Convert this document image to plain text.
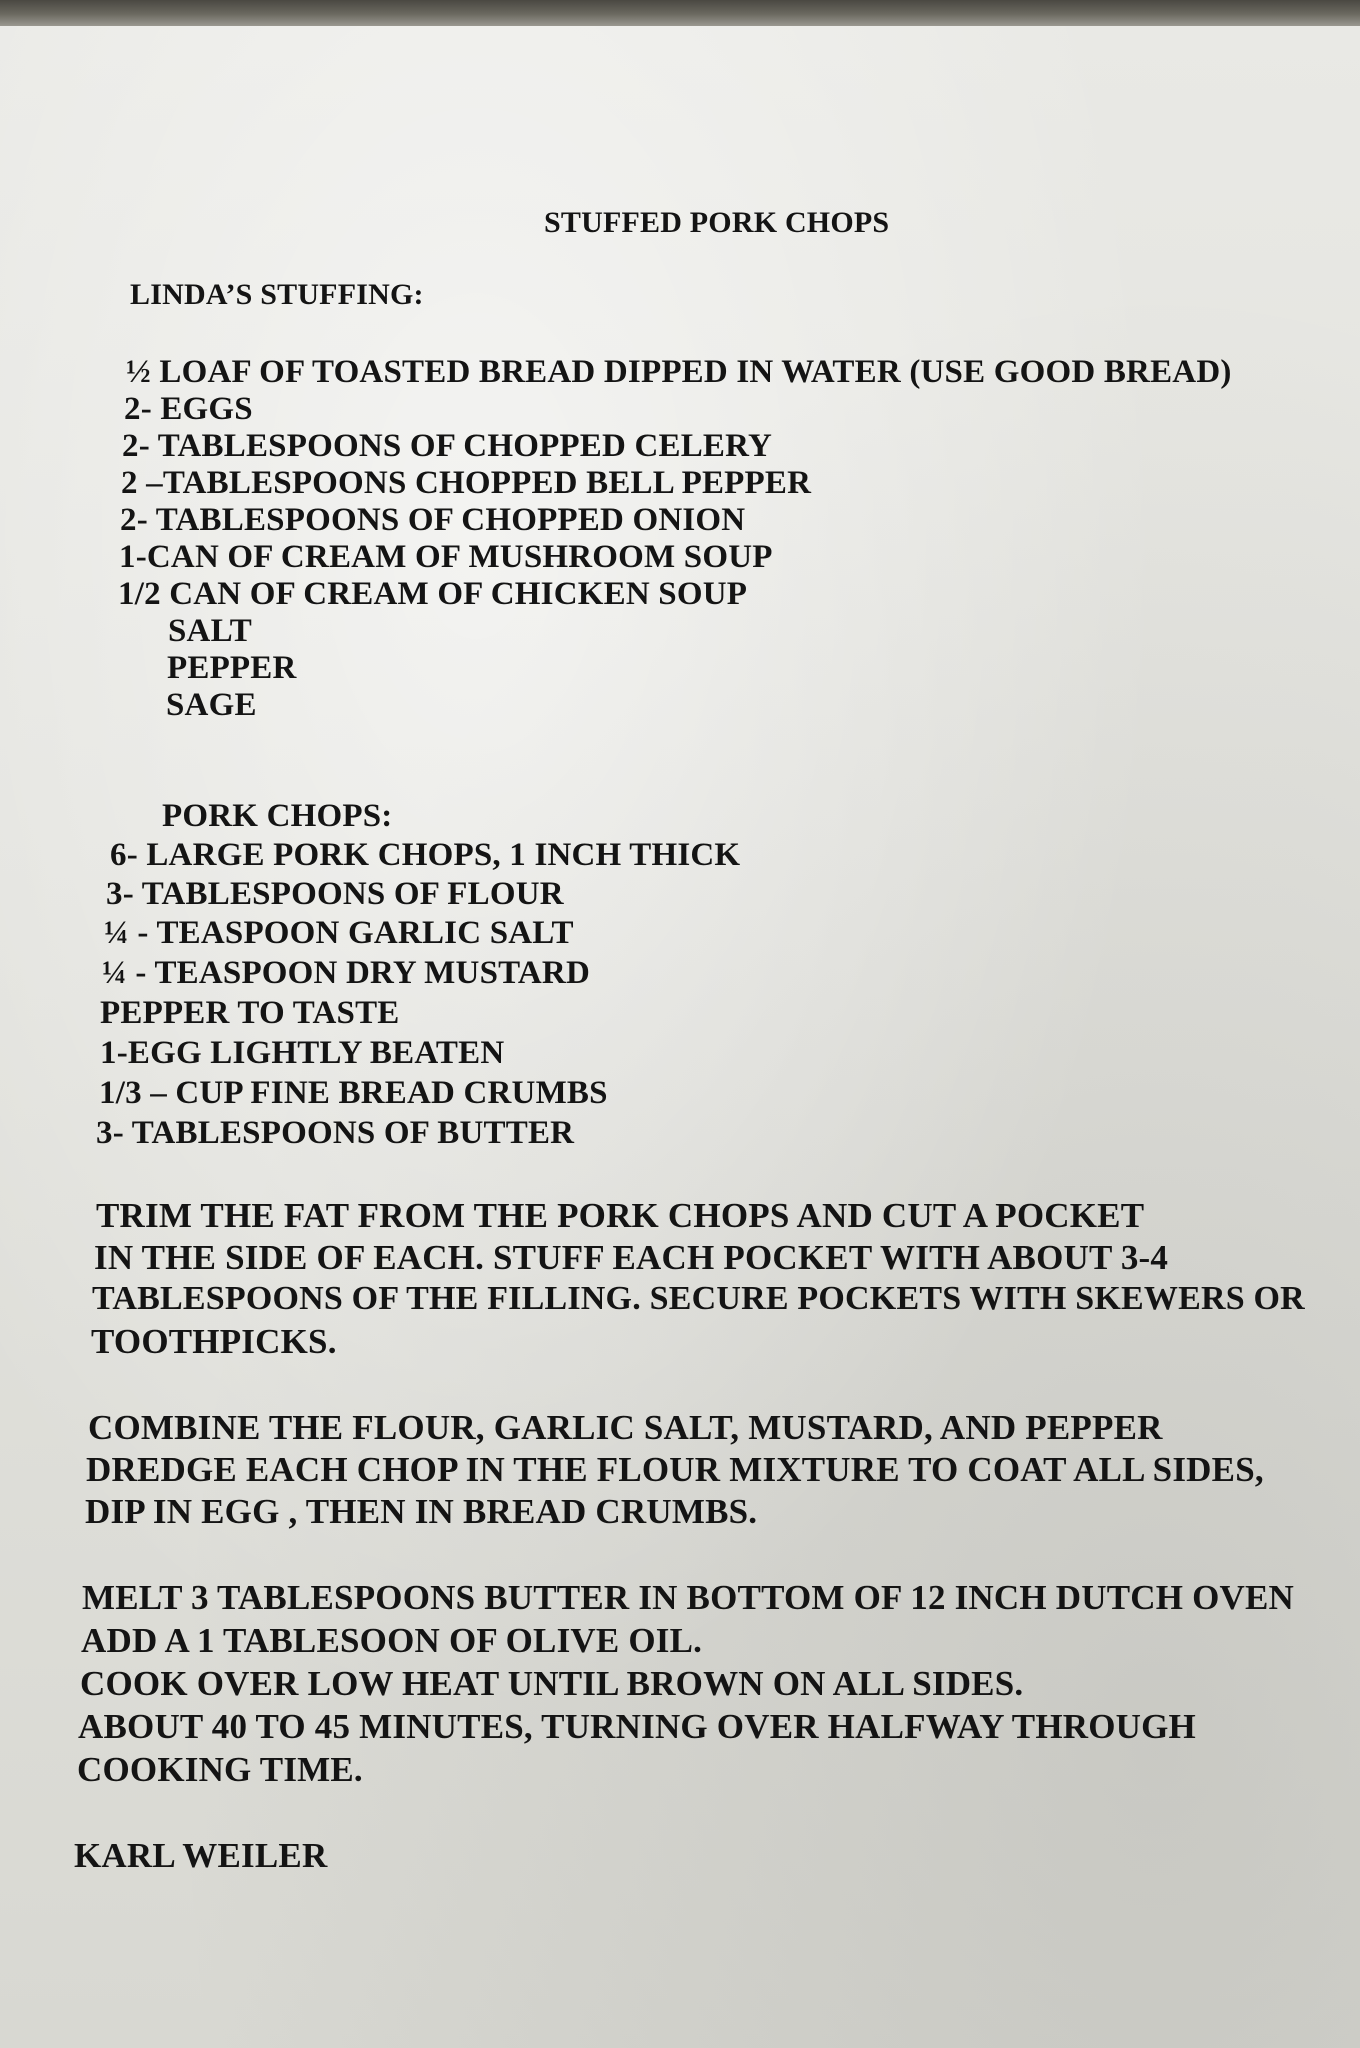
STUFFED PORK CHOPS

LINDA’S STUFFING:

½ LOAF OF TOASTED BREAD DIPPED IN WATER (USE GOOD BREAD)

2- EGGS

2- TABLESPOONS OF CHOPPED CELERY

2 –TABLESPOONS CHOPPED BELL PEPPER

2- TABLESPOONS OF CHOPPED ONION

1-CAN OF CREAM OF MUSHROOM SOUP

1/2 CAN OF CREAM OF CHICKEN SOUP

SALT

PEPPER

SAGE

PORK CHOPS:

6- LARGE PORK CHOPS, 1 INCH THICK

3- TABLESPOONS OF FLOUR

¼ - TEASPOON GARLIC SALT

¼ - TEASPOON DRY MUSTARD

PEPPER TO TASTE

1-EGG LIGHTLY BEATEN

1/3 – CUP FINE BREAD CRUMBS

3- TABLESPOONS OF BUTTER

TRIM THE FAT FROM THE PORK CHOPS AND CUT A POCKET

IN THE SIDE OF EACH. STUFF EACH POCKET WITH ABOUT 3-4

TABLESPOONS OF THE FILLING. SECURE POCKETS WITH SKEWERS OR

TOOTHPICKS.

COMBINE THE FLOUR, GARLIC SALT, MUSTARD, AND PEPPER

DREDGE EACH CHOP IN THE FLOUR MIXTURE TO COAT ALL SIDES,

DIP IN EGG , THEN IN BREAD CRUMBS.

MELT 3 TABLESPOONS BUTTER IN BOTTOM OF 12 INCH DUTCH OVEN

ADD A 1 TABLESOON OF OLIVE OIL.

COOK OVER LOW HEAT UNTIL BROWN ON ALL SIDES.

ABOUT 40 TO 45 MINUTES, TURNING OVER HALFWAY THROUGH

COOKING TIME.

KARL WEILER
